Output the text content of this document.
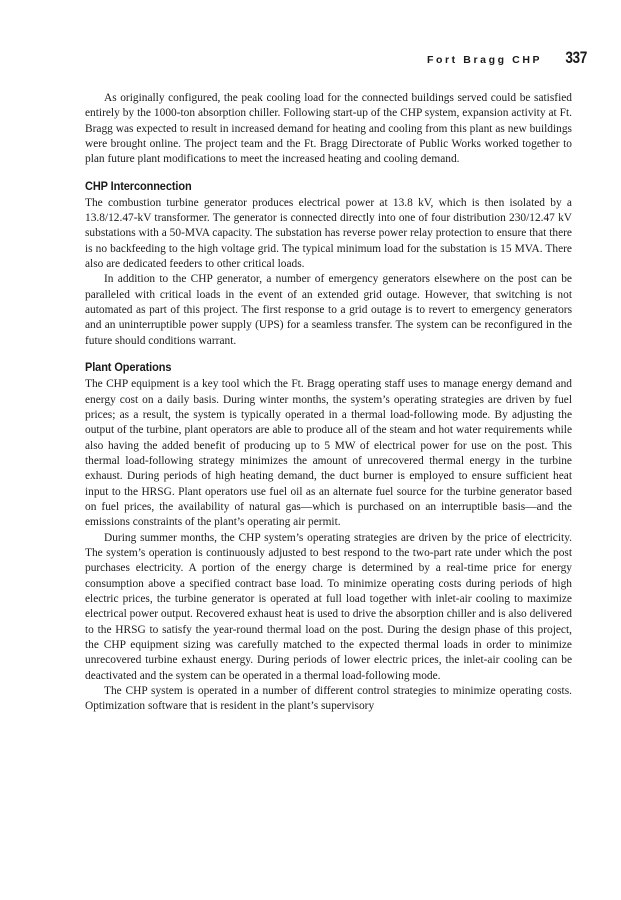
Fort Bragg CHP 337

As originally configured, the peak cooling load for the connected buildings served could be satisfied entirely by the 1000-ton absorption chiller. Following start-up of the CHP system, expansion activity at Ft. Bragg was expected to result in increased demand for heating and cooling from this plant as new buildings were brought online. The project team and the Ft. Bragg Directorate of Public Works worked together to plan future plant modifications to meet the increased heating and cooling demand.

CHP Interconnection

The combustion turbine generator produces electrical power at 13.8 kV, which is then isolated by a 13.8/12.47-kV transformer. The generator is connected directly into one of four distribution 230/12.47 kV substations with a 50-MVA capacity. The substation has reverse power relay protection to ensure that there is no backfeeding to the high voltage grid. The typical minimum load for the substation is 15 MVA. There also are dedicated feeders to other critical loads.

In addition to the CHP generator, a number of emergency generators elsewhere on the post can be paralleled with critical loads in the event of an extended grid outage. However, that switching is not automated as part of this project. The first response to a grid outage is to revert to emergency generators and an uninterruptible power supply (UPS) for a seamless transfer. The system can be reconfigured in the future should conditions warrant.

Plant Operations

The CHP equipment is a key tool which the Ft. Bragg operating staff uses to manage energy demand and energy cost on a daily basis. During winter months, the system’s operating strategies are driven by fuel prices; as a result, the system is typically operated in a thermal load-following mode. By adjusting the output of the turbine, plant operators are able to produce all of the steam and hot water requirements while also having the added benefit of producing up to 5 MW of electrical power for use on the post. This thermal load-following strategy minimizes the amount of unrecovered thermal energy in the turbine exhaust. During periods of high heating demand, the duct burner is employed to ensure sufficient heat input to the HRSG. Plant operators use fuel oil as an alternate fuel source for the turbine generator based on fuel prices, the availability of natural gas—which is purchased on an interruptible basis—and the emissions constraints of the plant’s operating air permit.

During summer months, the CHP system’s operating strategies are driven by the price of electricity. The system’s operation is continuously adjusted to best respond to the two-part rate under which the post purchases electricity. A portion of the energy charge is determined by a real-time price for energy consumption above a specified contract base load. To minimize operating costs during periods of high electric prices, the turbine generator is operated at full load together with inlet-air cooling to maximize electrical power output. Recovered exhaust heat is used to drive the absorption chiller and is also delivered to the HRSG to satisfy the year-round thermal load on the post. During the design phase of this project, the CHP equipment sizing was carefully matched to the expected thermal loads in order to minimize unrecovered turbine exhaust energy. During periods of lower electric prices, the inlet-air cooling can be deactivated and the system can be operated in a thermal load-following mode.

The CHP system is operated in a number of different control strategies to minimize operating costs. Optimization software that is resident in the plant’s supervisory
